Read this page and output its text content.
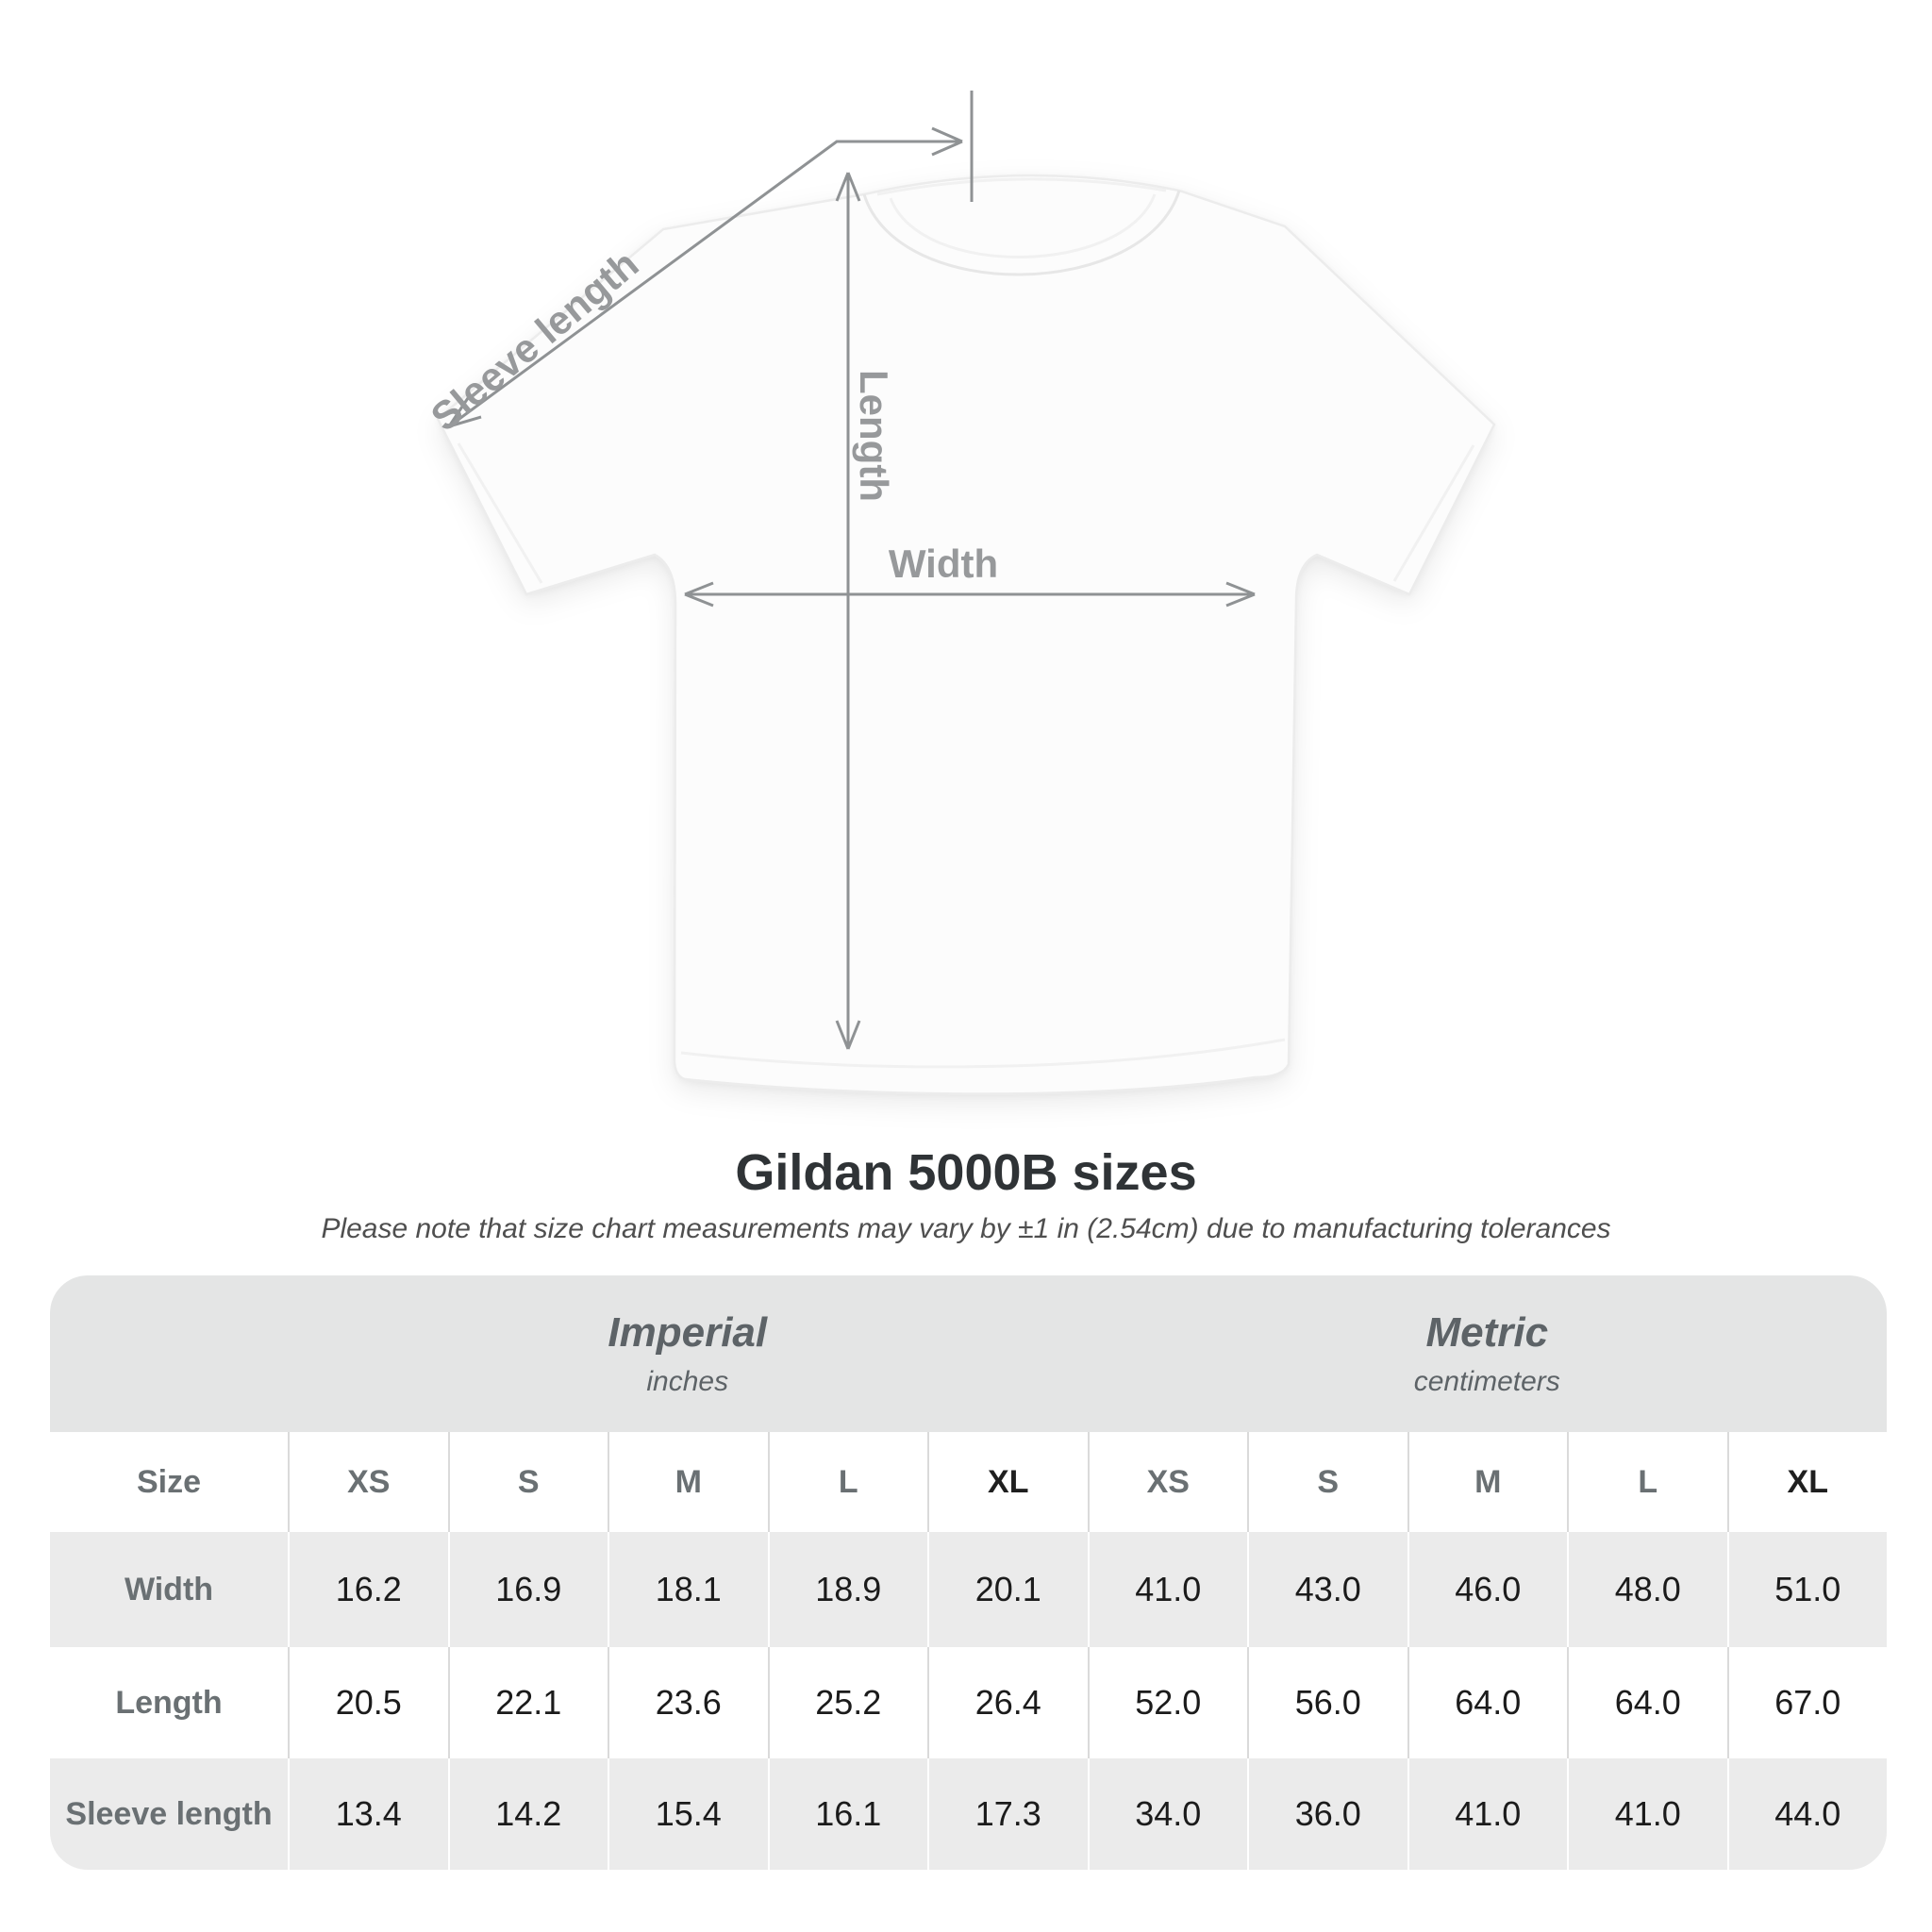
Sleeve length	Length
Width
Gildan 5000B sizes
Please note that size chart measurements may vary by ±1 in (2.54cm) due to manufacturing tolerances
Imperial
inches
Metric
centimeters
Size	XS	S	M	L	XL	XS	S	M	L	XL
Width	16.2	16.9	18.1	18.9	20.1	41.0	43.0	46.0	48.0	51.0
Length	20.5	22.1	23.6	25.2	26.4	52.0	56.0	64.0	64.0	67.0
Sleeve length	13.4	14.2	15.4	16.1	17.3	34.0	36.0	41.0	41.0	44.0
